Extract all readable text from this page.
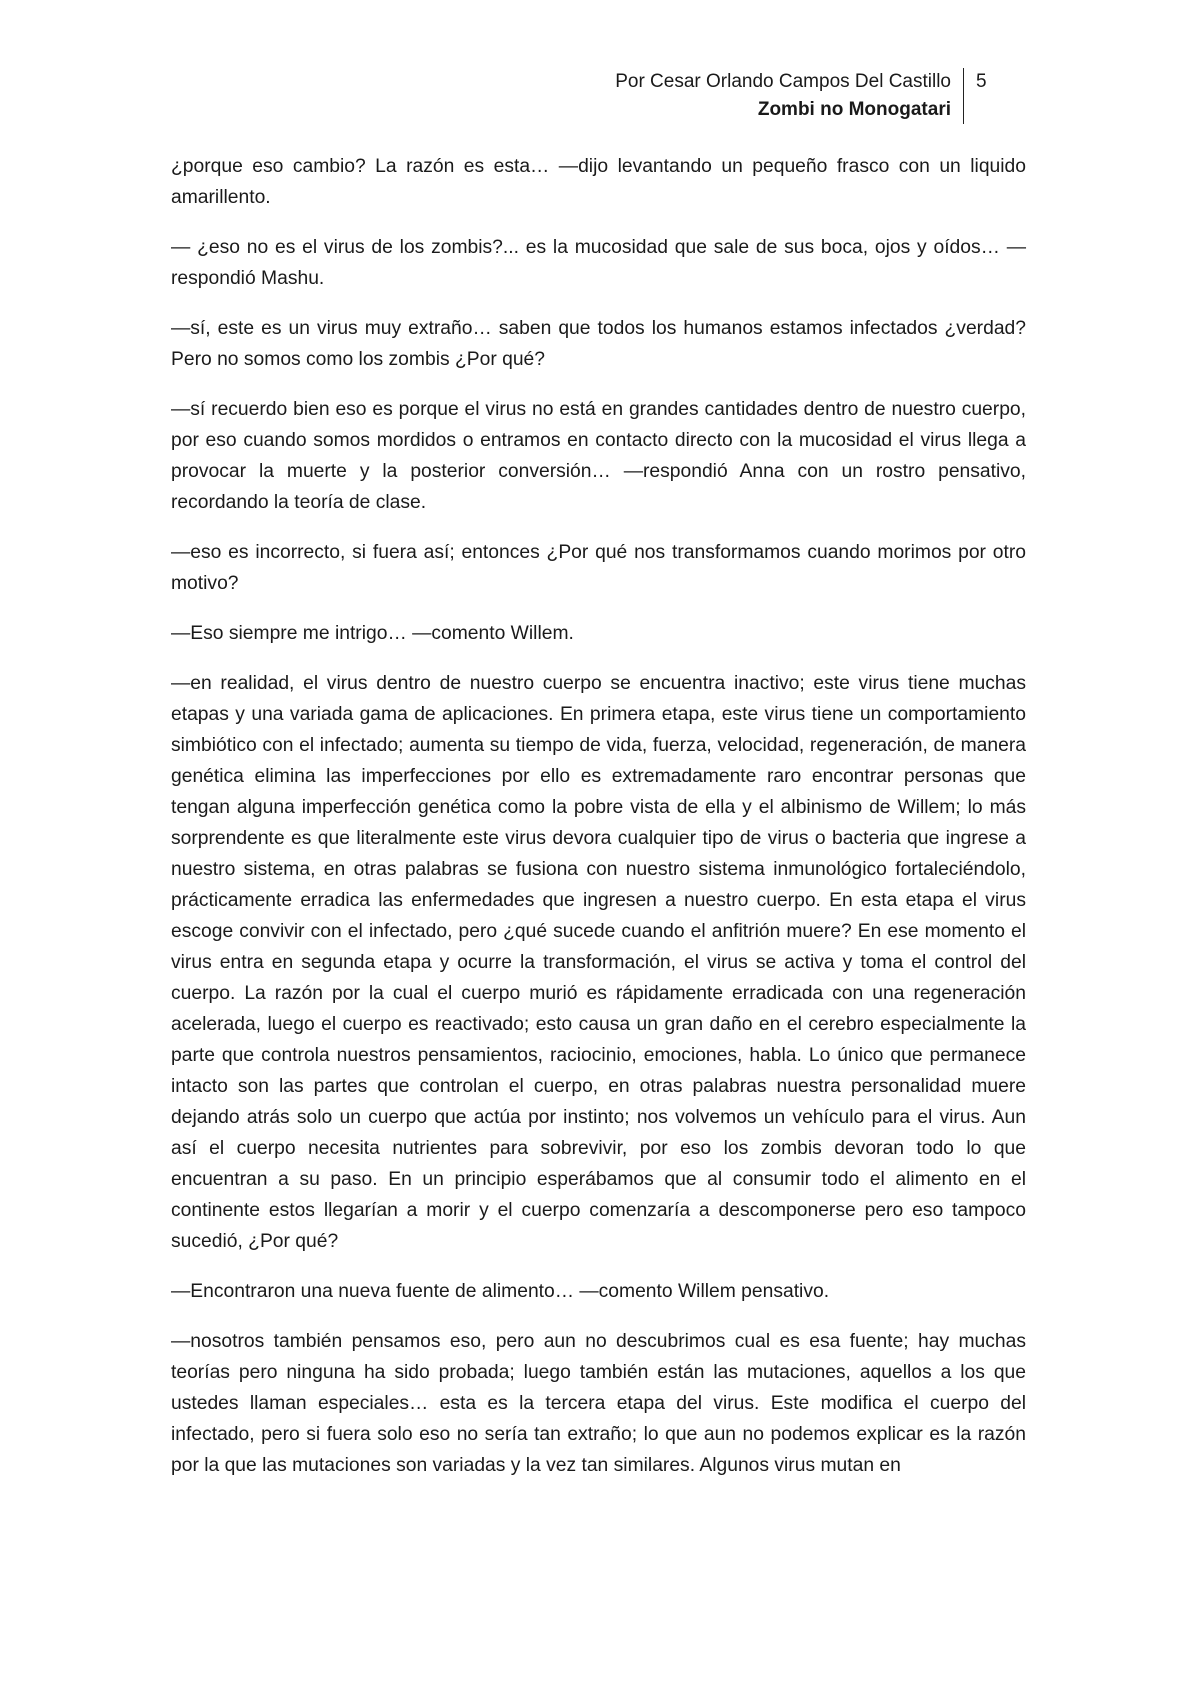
Por Cesar Orlando Campos Del Castillo
Zombi no Monogatari
5

¿porque eso cambio? La razón es esta… —dijo levantando un pequeño frasco con un liquido amarillento.

— ¿eso no es el virus de los zombis?... es la mucosidad que sale de sus boca, ojos y oídos… —respondió Mashu.

—sí, este es un virus muy extraño… saben que todos los humanos estamos infectados ¿verdad? Pero no somos como los zombis ¿Por qué?

—sí recuerdo bien eso es porque el virus no está en grandes cantidades dentro de nuestro cuerpo, por eso cuando somos mordidos o entramos en contacto directo con la mucosidad el virus llega a provocar la muerte y la posterior conversión… —respondió Anna con un rostro pensativo, recordando la teoría de clase.

—eso es incorrecto, si fuera así; entonces ¿Por qué nos transformamos cuando morimos por otro motivo?

—Eso siempre me intrigo… —comento Willem.

—en realidad, el virus dentro de nuestro cuerpo se encuentra inactivo; este virus tiene muchas etapas y una variada gama de aplicaciones. En primera etapa, este virus tiene un comportamiento simbiótico con el infectado; aumenta su tiempo de vida, fuerza, velocidad, regeneración, de manera genética elimina las imperfecciones por ello es extremadamente raro encontrar personas que tengan alguna imperfección genética como la pobre vista de ella y el albinismo de Willem; lo más sorprendente es que literalmente este virus devora cualquier tipo de virus o bacteria que ingrese a nuestro sistema, en otras palabras se fusiona con nuestro sistema inmunológico fortaleciéndolo, prácticamente erradica las enfermedades que ingresen a nuestro cuerpo. En esta etapa el virus escoge convivir con el infectado, pero ¿qué sucede cuando el anfitrión muere? En ese momento el virus entra en segunda etapa y ocurre la transformación, el virus se activa y toma el control del cuerpo. La razón por la cual el cuerpo murió es rápidamente erradicada con una regeneración acelerada, luego el cuerpo es reactivado; esto causa un gran daño en el cerebro especialmente la parte que controla nuestros pensamientos, raciocinio, emociones, habla. Lo único que permanece intacto son las partes que controlan el cuerpo, en otras palabras nuestra personalidad muere dejando atrás solo un cuerpo que actúa por instinto; nos volvemos un vehículo para el virus. Aun así el cuerpo necesita nutrientes para sobrevivir, por eso los zombis devoran todo lo que encuentran a su paso. En un principio esperábamos que al consumir todo el alimento en el continente estos llegarían a morir y el cuerpo comenzaría a descomponerse pero eso tampoco sucedió, ¿Por qué?

—Encontraron una nueva fuente de alimento… —comento Willem pensativo.

—nosotros también pensamos eso, pero aun no descubrimos cual es esa fuente; hay muchas teorías pero ninguna ha sido probada; luego también están las mutaciones, aquellos a los que ustedes llaman especiales… esta es la tercera etapa del virus. Este modifica el cuerpo del infectado, pero si fuera solo eso no sería tan extraño; lo que aun no podemos explicar es la razón por la que las mutaciones son variadas y la vez tan similares. Algunos virus mutan en
